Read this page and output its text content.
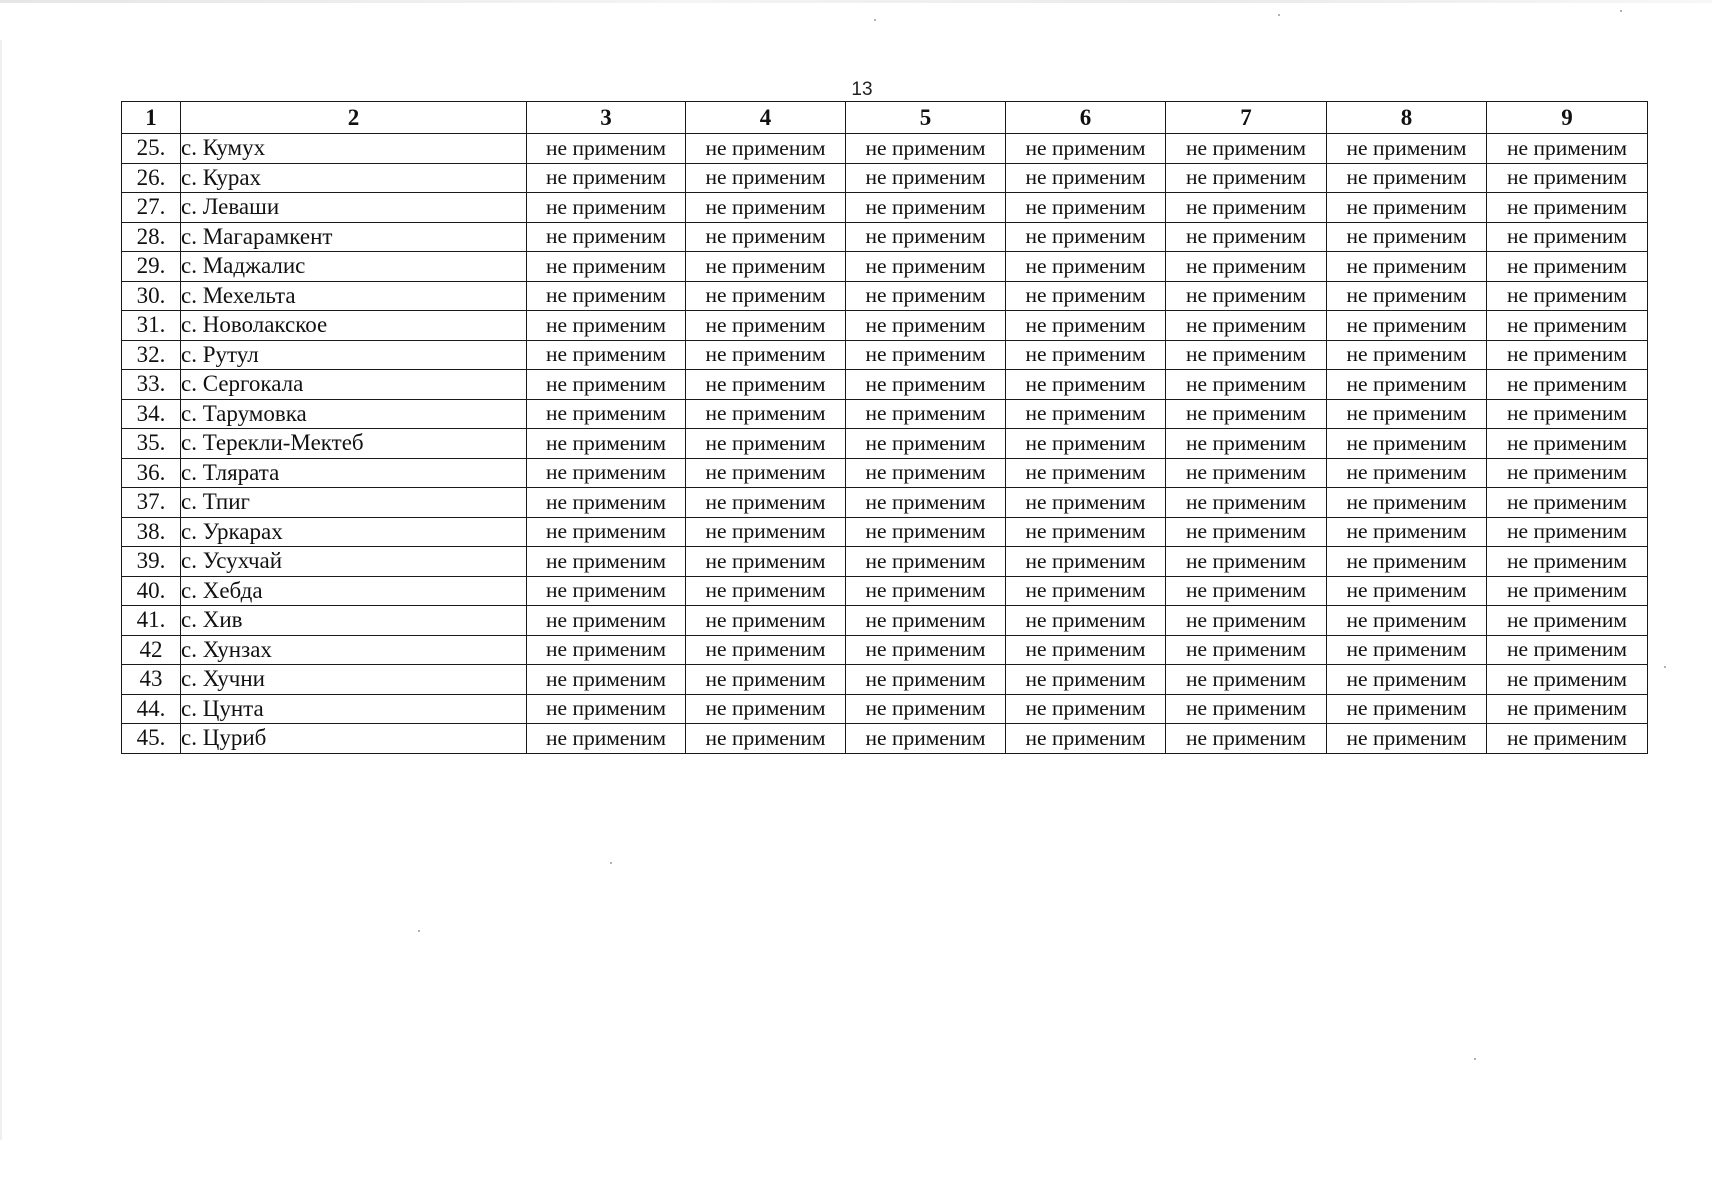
13
1	2	3	4	5	6	7	8	9
25.	с. Кумух	не применим	не применим	не применим	не применим	не применим	не применим	не применим
26.	с. Курах	не применим	не применим	не применим	не применим	не применим	не применим	не применим
27.	с. Леваши	не применим	не применим	не применим	не применим	не применим	не применим	не применим
28.	с. Магарамкент	не применим	не применим	не применим	не применим	не применим	не применим	не применим
29.	с. Маджалис	не применим	не применим	не применим	не применим	не применим	не применим	не применим
30.	с. Мехельта	не применим	не применим	не применим	не применим	не применим	не применим	не применим
31.	с. Новолакское	не применим	не применим	не применим	не применим	не применим	не применим	не применим
32.	с. Рутул	не применим	не применим	не применим	не применим	не применим	не применим	не применим
33.	с. Сергокала	не применим	не применим	не применим	не применим	не применим	не применим	не применим
34.	с. Тарумовка	не применим	не применим	не применим	не применим	не применим	не применим	не применим
35.	с. Терекли-Мектеб	не применим	не применим	не применим	не применим	не применим	не применим	не применим
36.	с. Тлярата	не применим	не применим	не применим	не применим	не применим	не применим	не применим
37.	с. Тпиг	не применим	не применим	не применим	не применим	не применим	не применим	не применим
38.	с. Уркарах	не применим	не применим	не применим	не применим	не применим	не применим	не применим
39.	с. Усухчай	не применим	не применим	не применим	не применим	не применим	не применим	не применим
40.	с. Хебда	не применим	не применим	не применим	не применим	не применим	не применим	не применим
41.	с. Хив	не применим	не применим	не применим	не применим	не применим	не применим	не применим
42	с. Хунзах	не применим	не применим	не применим	не применим	не применим	не применим	не применим
43	с. Хучни	не применим	не применим	не применим	не применим	не применим	не применим	не применим
44.	с. Цунта	не применим	не применим	не применим	не применим	не применим	не применим	не применим
45.	с. Цуриб	не применим	не применим	не применим	не применим	не применим	не применим	не применим
